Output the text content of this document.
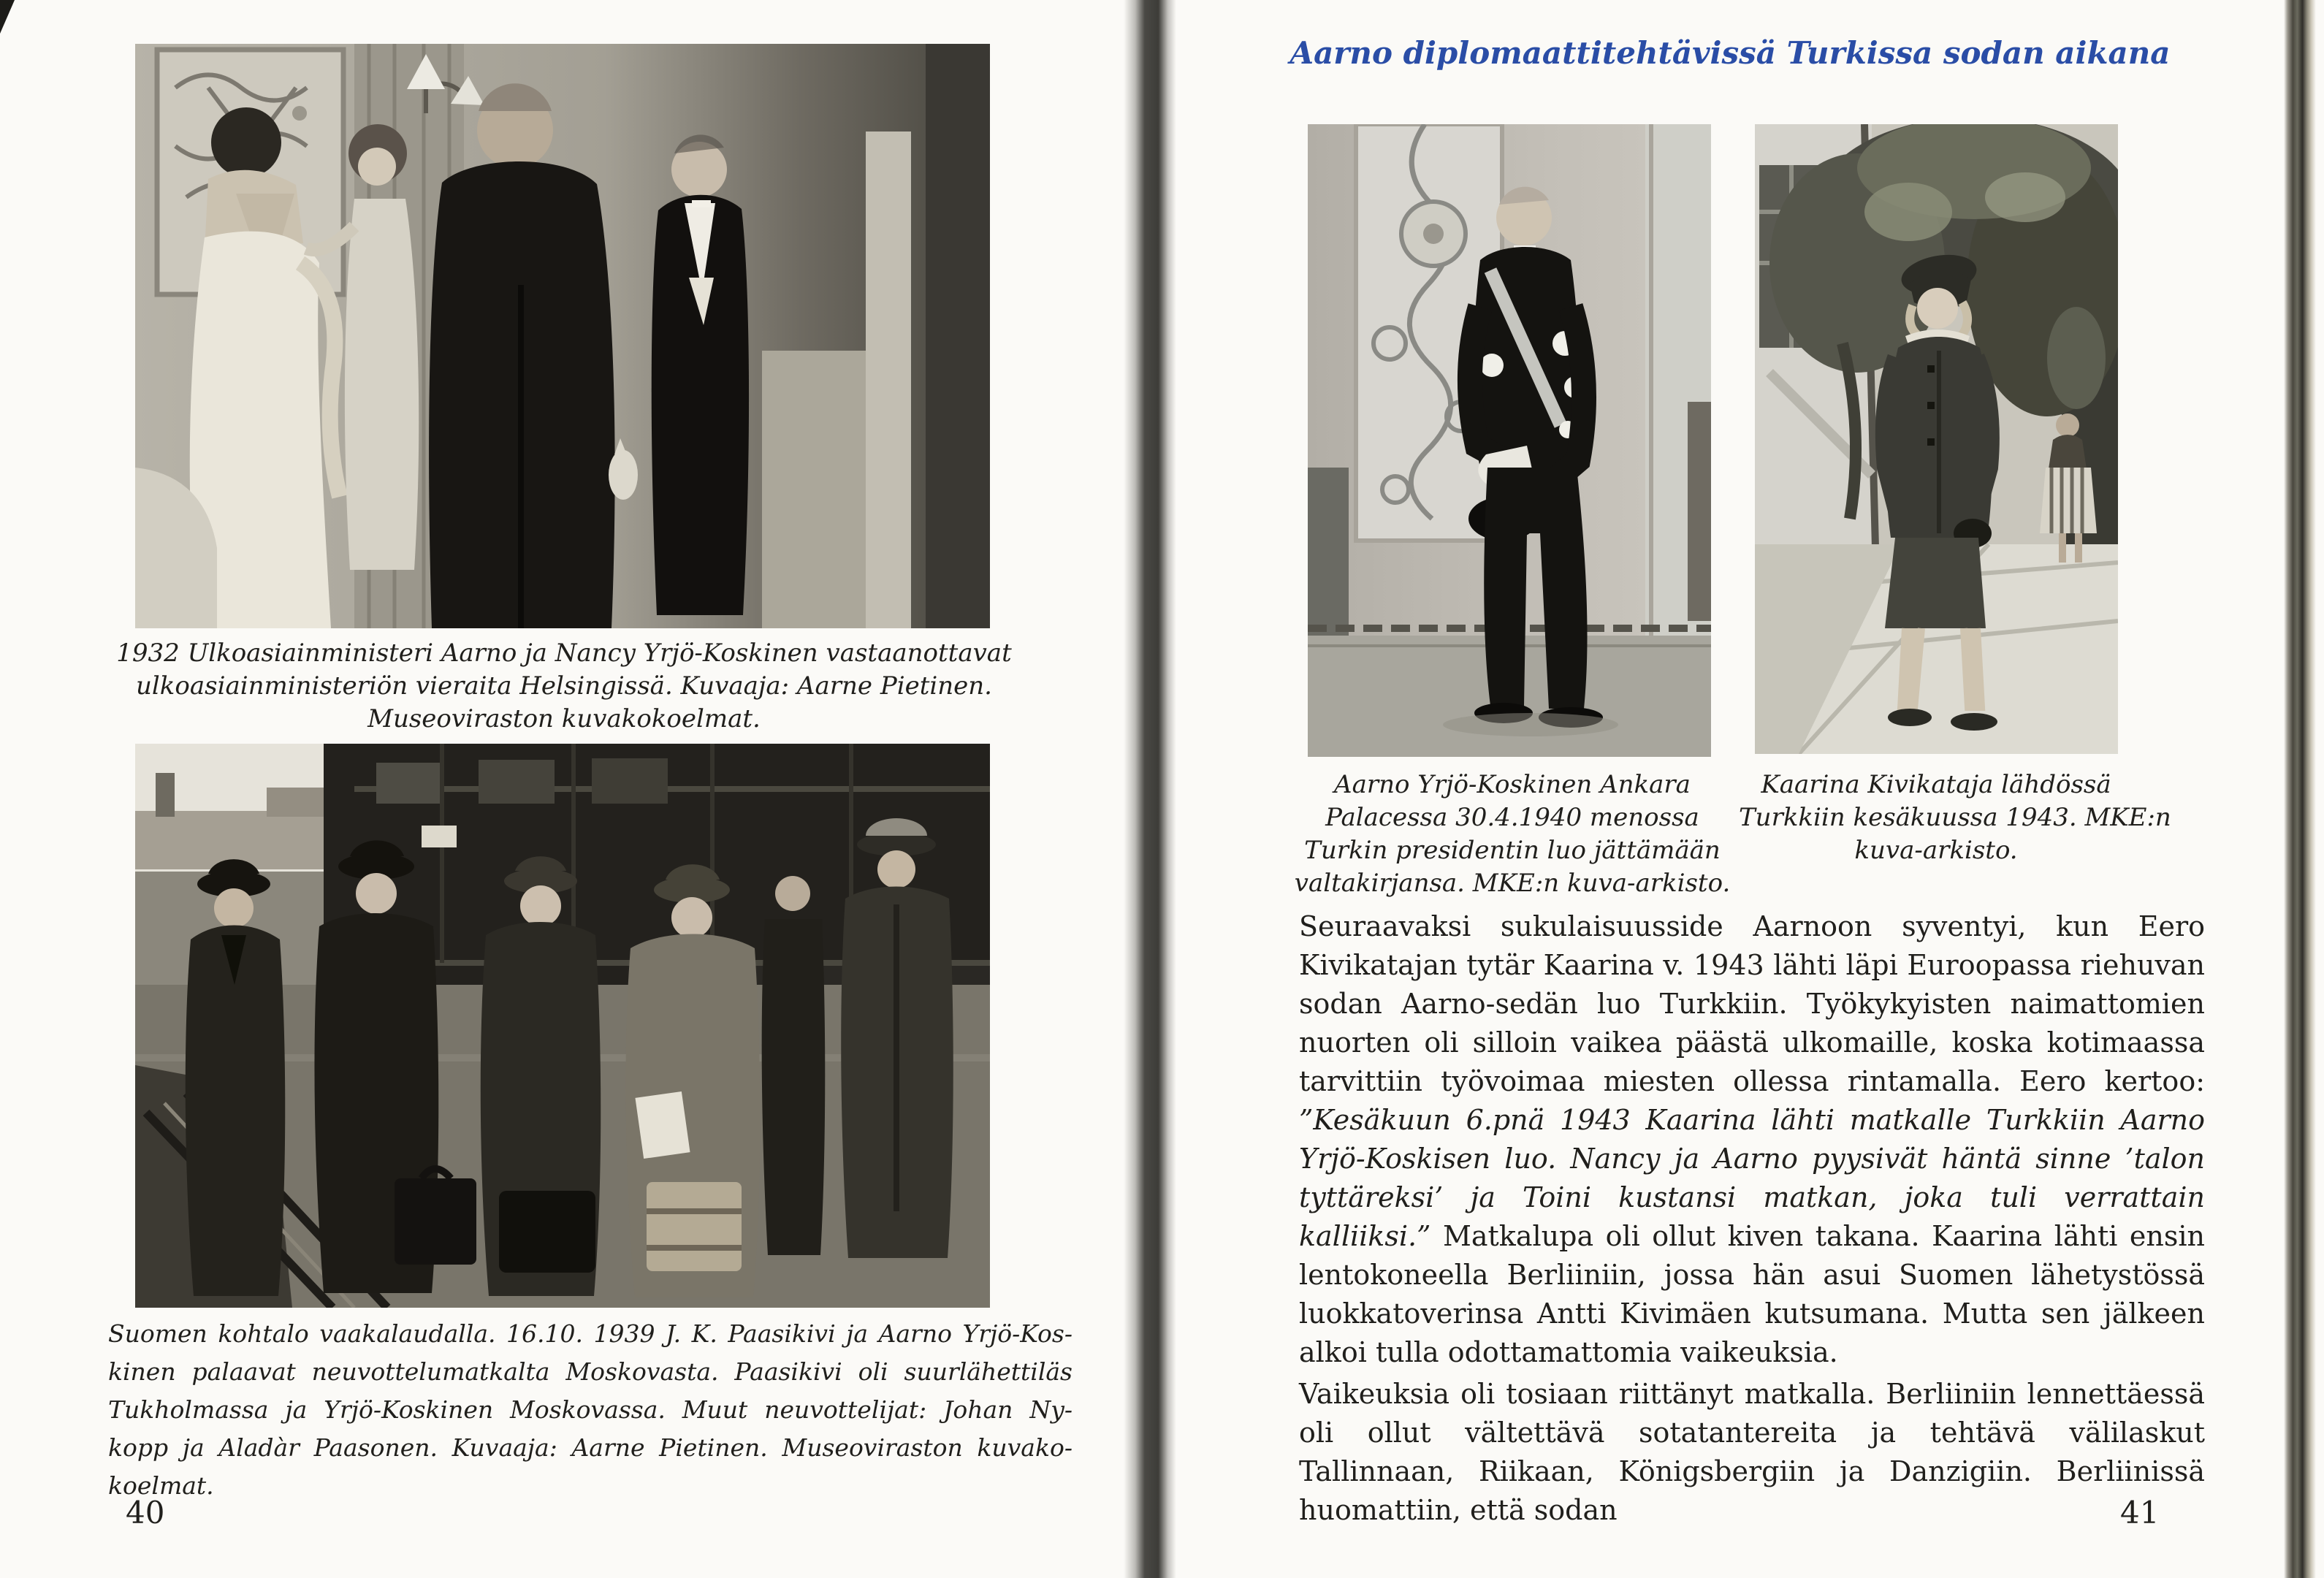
1932 Ulkoasiainministeri Aarno ja Nancy Yrjö-Koskinen vastaanottavat
ulkoasiainministeriön vieraita Helsingissä. Kuvaaja: Aarne Pietinen.
Museoviraston kuvakokoelmat.
Suomen kohtalo vaakalaudalla. 16.10. 1939 J. K. Paasikivi ja Aarno Yrjö-Kos-
kinen palaavat neuvottelumatkalta Moskovasta. Paasikivi oli suurlähettiläs
Tukholmassa ja Yrjö-Koskinen Moskovassa. Muut neuvottelijat: Johan Ny-
kopp ja Aladàr Paasonen. Kuvaaja: Aarne Pietinen. Museoviraston kuvako-
koelmat.
40
Aarno diplomaattitehtävissä Turkissa sodan aikana
Aarno Yrjö-Koskinen Ankara
Palacessa 30.4.1940 menossa
Turkin presidentin luo jättämään
valtakirjansa. MKE:n kuva-arkisto.
Kaarina Kivikataja lähdössä
Turkkiin kesäkuussa 1943. MKE:n
kuva-arkisto.

Seuraavaksi sukulaisuusside Aarnoon syventyi, kun Eero Kivikatajan tytär Kaarina v. 1943 lähti läpi Euroopassa riehuvan sodan Aarno-sedän luo Turkkiin. Työkykyisten naimattomien nuorten oli silloin vaikea päästä ulkomaille, koska kotimaassa tarvittiin työvoimaa miesten ollessa rintamalla. Eero kertoo: ”Kesäkuun 6.pnä 1943 Kaarina lähti matkalle Turkkiin Aarno Yrjö-Koskisen luo. Nancy ja Aarno pyysivät häntä sinne ’talon tyttäreksi’ ja Toini kustansi matkan, joka tuli verrattain kalliiksi.” Matkalupa oli ollut kiven takana. Kaarina lähti ensin lentokoneella Berliiniin, jossa hän asui Suomen lähetystössä luokkatoverinsa Antti Kivimäen kutsumana. Mutta sen jälkeen alkoi tulla odottamattomia vaikeuksia.

Vaikeuksia oli tosiaan riittänyt matkalla. Berliiniin lennettäessä oli ollut vältettävä sotatantereita ja tehtävä välilaskut Tallinnaan, Riikaan, Königsbergiin ja Danzigiin. Berliinissä huomattiin, että sodan	41
